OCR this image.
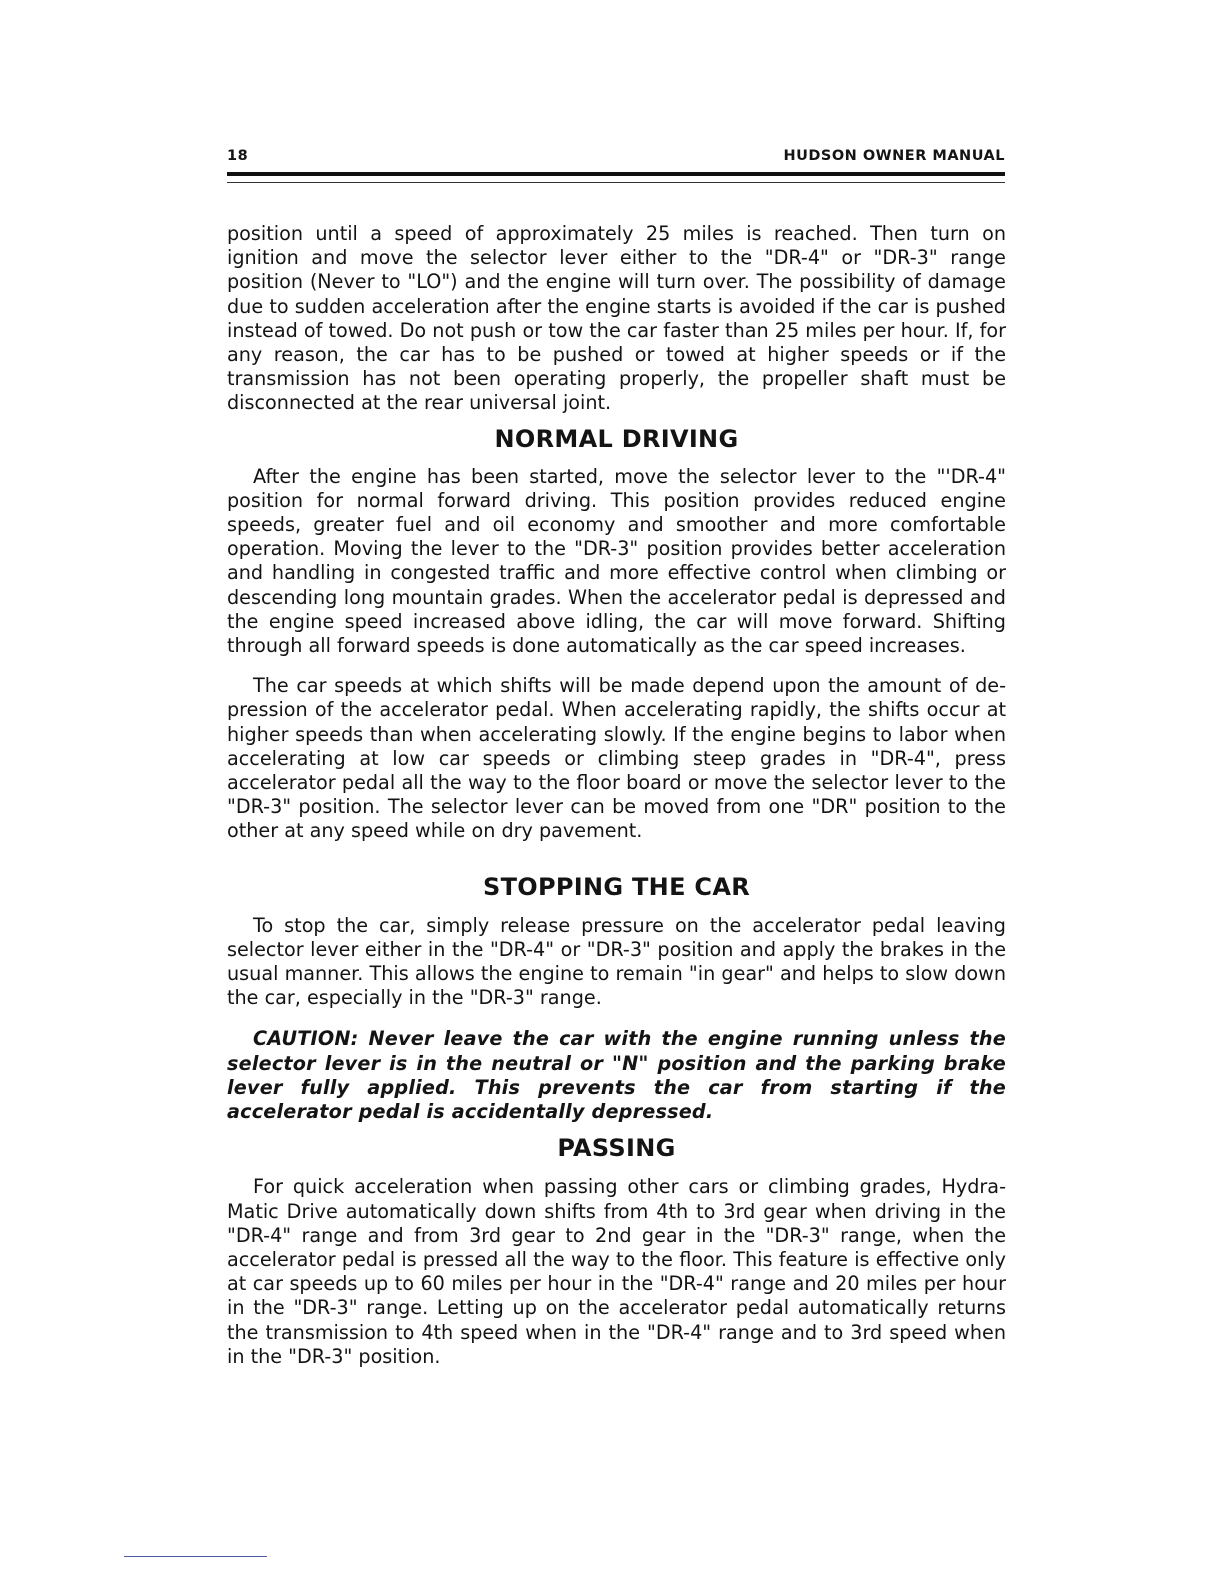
18	HUDSON OWNER MANUAL

position until a speed of approximately 25 miles is reached. Then turn on ignition and move the selector lever either to the "DR-4" or "DR-3" range position (Never to "LO") and the engine will turn over. The possibility of damage due to sudden acceleration after the engine starts is avoided if the car is pushed instead of towed. Do not push or tow the car faster than 25 miles per hour. If, for any reason, the car has to be pushed or towed at higher speeds or if the transmission has not been operating properly, the propeller shaft must be disconnected at the rear universal joint.

NORMAL DRIVING

After the engine has been started, move the selector lever to the "'DR-4" position for normal forward driving. This position provides reduced engine speeds, greater fuel and oil economy and smoother and more comfortable operation. Moving the lever to the "DR-3" position provides better acceleration and handling in congested traffic and more effective control when climbing or descending long mountain grades. When the accelerator pedal is depressed and the engine speed increased above idling, the car will move forward. Shifting through all forward speeds is done automatically as the car speed increases.

The car speeds at which shifts will be made depend upon the amount of depression of the accelerator pedal. When accelerating rapidly, the shifts occur at higher speeds than when accelerating slowly. If the engine begins to labor when accelerating at low car speeds or climbing steep grades in "DR-4", press accelerator pedal all the way to the floor board or move the selector lever to the "DR-3" position. The selector lever can be moved from one "DR" position to the other at any speed while on dry pavement.

STOPPING THE CAR

To stop the car, simply release pressure on the accelerator pedal leaving selector lever either in the "DR-4" or "DR-3" position and apply the brakes in the usual manner. This allows the engine to remain "in gear" and helps to slow down the car, especially in the "DR-3" range.

CAUTION: Never leave the car with the engine running unless the selector lever is in the neutral or "N" position and the parking brake lever fully applied. This prevents the car from starting if the accelerator pedal is accidentally depressed.

PASSING

For quick acceleration when passing other cars or climbing grades, Hydra-Matic Drive automatically down shifts from 4th to 3rd gear when driving in the "DR-4" range and from 3rd gear to 2nd gear in the "DR-3" range, when the accelerator pedal is pressed all the way to the floor. This feature is effective only at car speeds up to 60 miles per hour in the "DR-4" range and 20 miles per hour in the "DR-3" range. Letting up on the accelerator pedal automatically returns the transmission to 4th speed when in the "DR-4" range and to 3rd speed when in the "DR-3" position.
